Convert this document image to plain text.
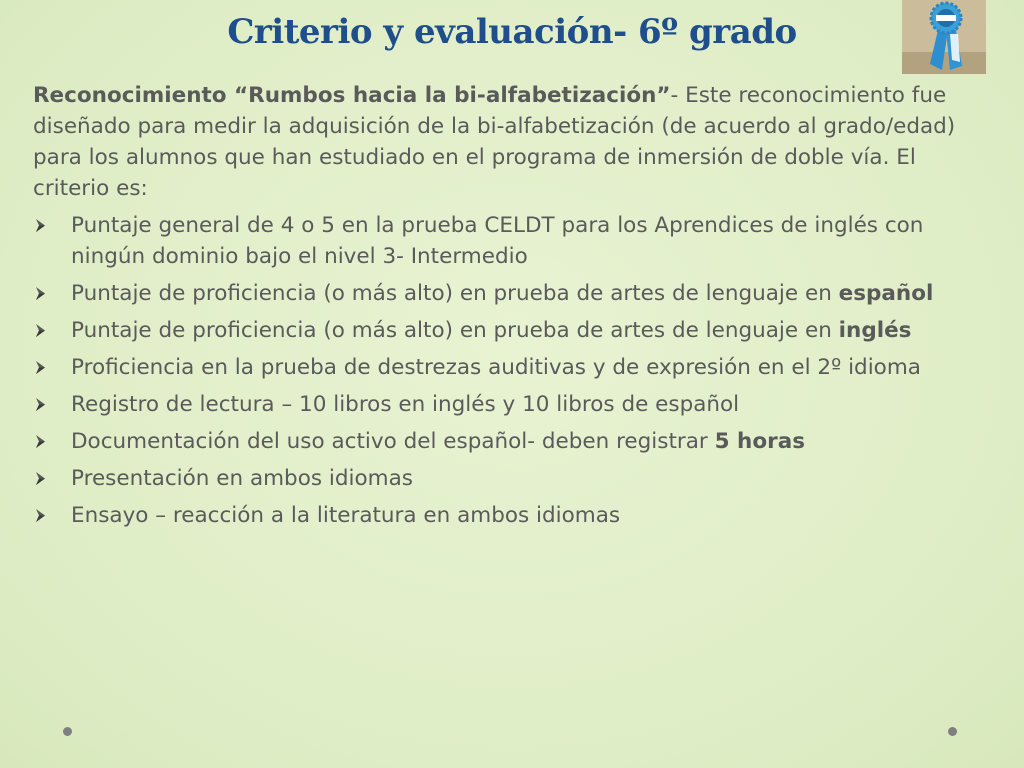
Criterio y evaluación- 6º grado

Reconocimiento “Rumbos hacia la bi-alfabetización”- Este reconocimiento fue diseñado para medir la adquisición de la bi-alfabetización (de acuerdo al grado/edad) para los alumnos que han estudiado en el programa de inmersión de doble vía. El criterio es:

Puntaje general de 4 o 5 en la prueba CELDT para los Aprendices de inglés con ningún dominio bajo el nivel 3- Intermedio
Puntaje de proficiencia (o más alto) en prueba de artes de lenguaje en español
Puntaje de proficiencia (o más alto) en prueba de artes de lenguaje en inglés
Proficiencia en la prueba de destrezas auditivas y de expresión en el 2º idioma
Registro de lectura – 10 libros en inglés y 10 libros de español
Documentación del uso activo del español- deben registrar 5 horas
Presentación en ambos idiomas
Ensayo – reacción a la literatura en ambos idiomas
